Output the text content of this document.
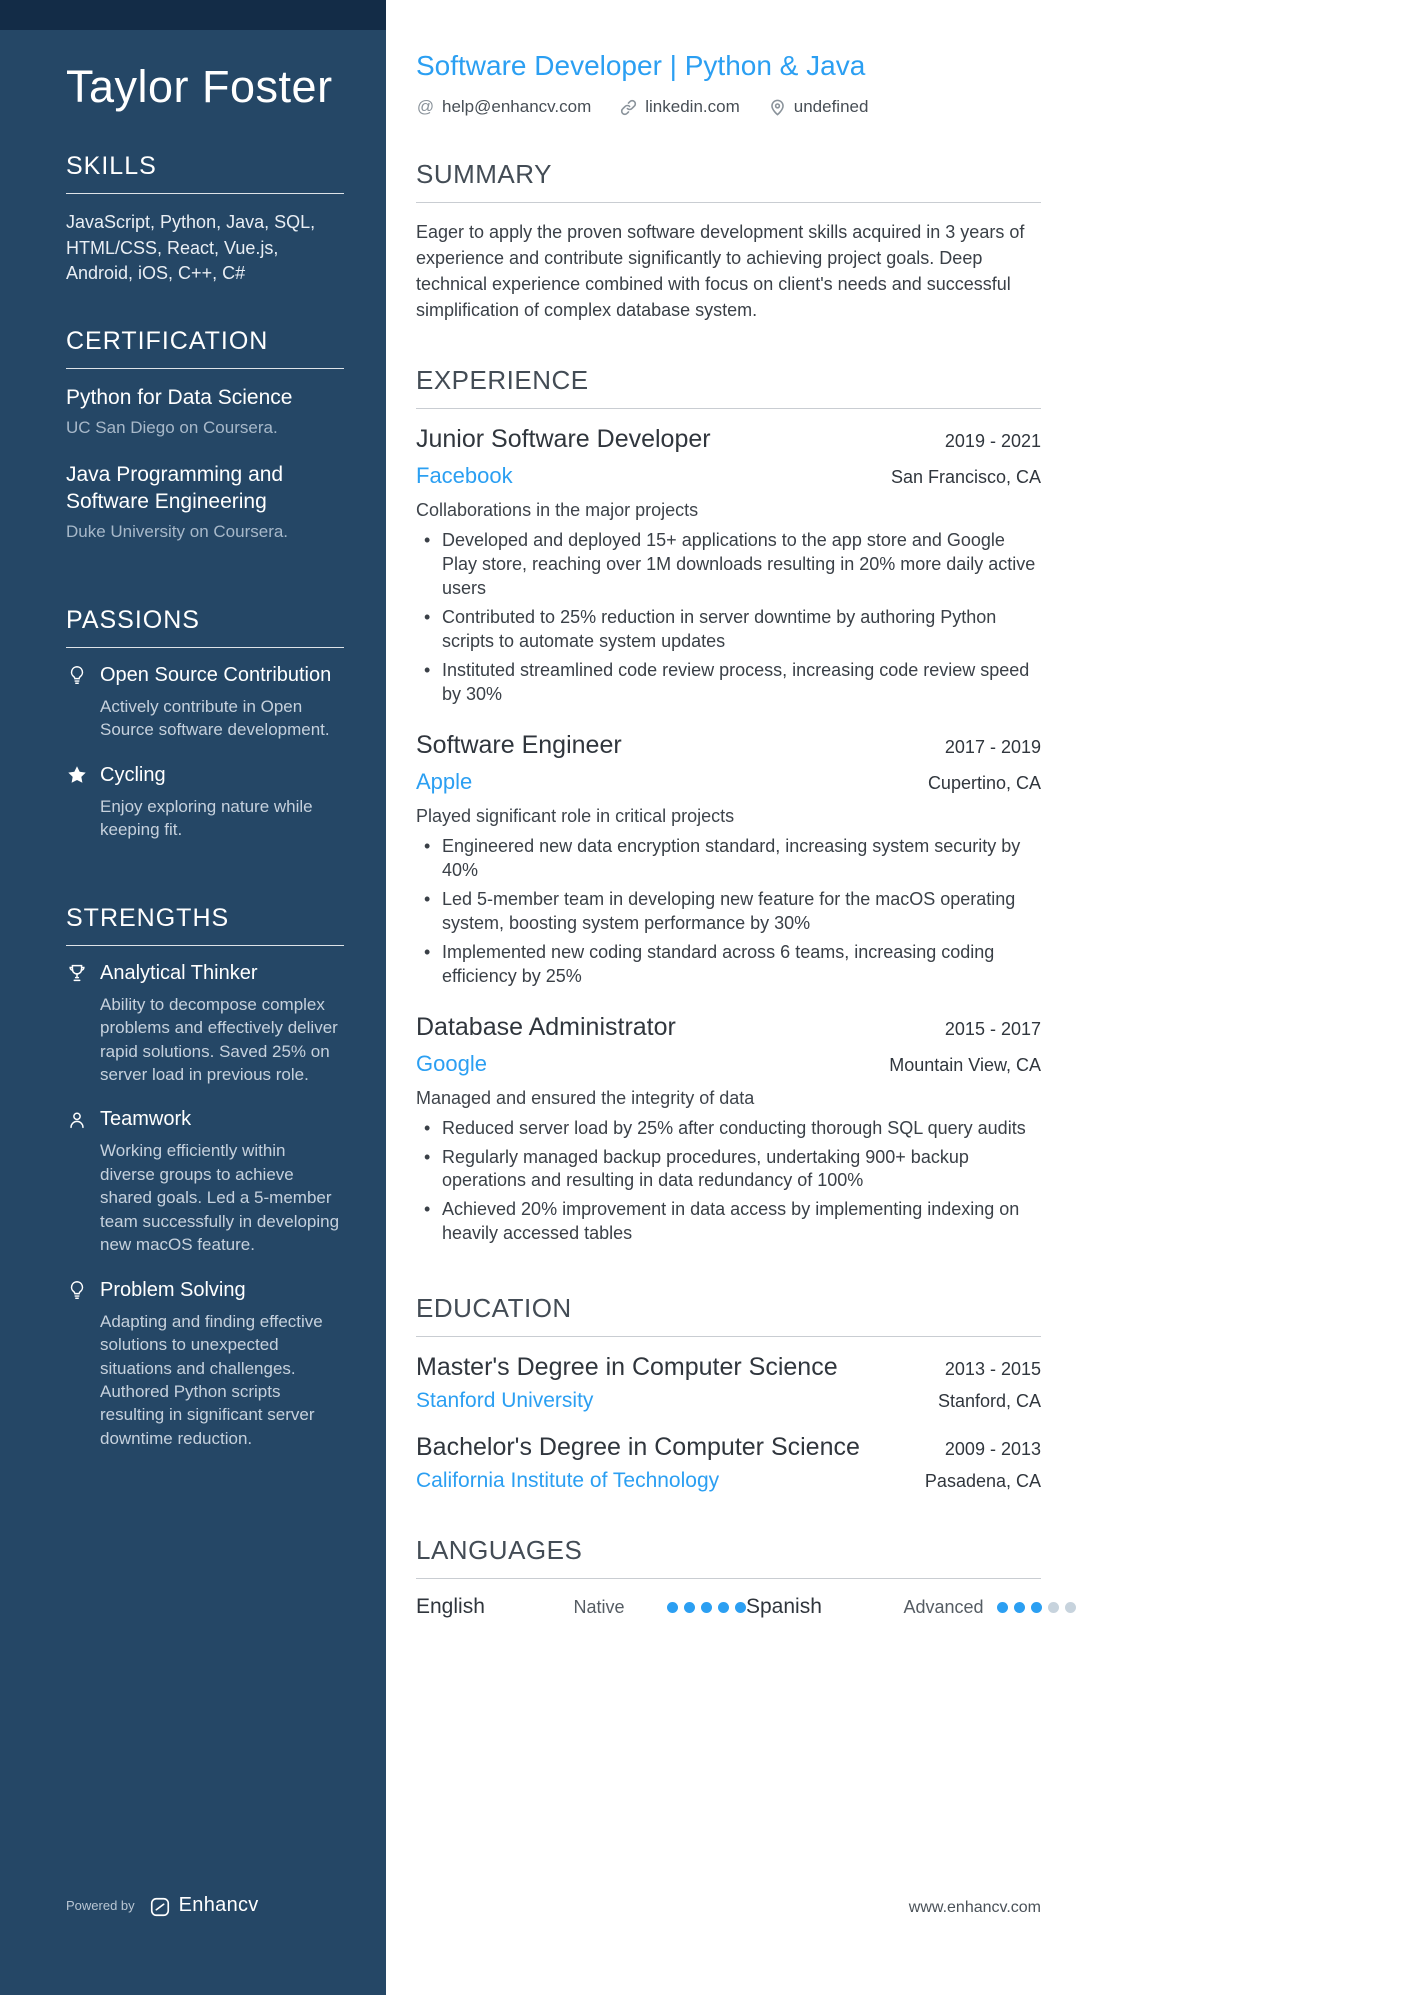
Taylor Foster
SKILLS

JavaScript, Python, Java, SQL, HTML/CSS, React, Vue.js, Android, iOS, C++, C#

CERTIFICATION
Python for Data Science
UC San Diego on Coursera.
Java Programming and Software Engineering
Duke University on Coursera.
PASSIONS
Open Source Contribution
Actively contribute in Open Source software development.
Cycling
Enjoy exploring nature while keeping fit.
STRENGTHS
Analytical Thinker
Ability to decompose complex problems and effectively deliver rapid solutions. Saved 25% on server load in previous role.
Teamwork
Working efficiently within diverse groups to achieve shared goals. Led a 5-member team successfully in developing new macOS feature.
Problem Solving
Adapting and finding effective solutions to unexpected situations and challenges. Authored Python scripts resulting in significant server downtime reduction.
Powered by Enhancv
Software Developer | Python & Java
@ help@enhancv.com	linkedin.com	undefined
SUMMARY

Eager to apply the proven software development skills acquired in 3 years of experience and contribute significantly to achieving project goals. Deep technical experience combined with focus on client's needs and successful simplification of complex database system.

EXPERIENCE
Junior Software Developer	2019 - 2021
Facebook	San Francisco, CA
Collaborations in the major projects
• Developed and deployed 15+ applications to the app store and Google Play store, reaching over 1M downloads resulting in 20% more daily active users
• Contributed to 25% reduction in server downtime by authoring Python scripts to automate system updates
• Instituted streamlined code review process, increasing code review speed by 30%
Software Engineer	2017 - 2019
Apple	Cupertino, CA
Played significant role in critical projects
• Engineered new data encryption standard, increasing system security by 40%
• Led 5-member team in developing new feature for the macOS operating system, boosting system performance by 30%
• Implemented new coding standard across 6 teams, increasing coding efficiency by 25%
Database Administrator	2015 - 2017
Google	Mountain View, CA
Managed and ensured the integrity of data
• Reduced server load by 25% after conducting thorough SQL query audits
• Regularly managed backup procedures, undertaking 900+ backup operations and resulting in data redundancy of 100%
• Achieved 20% improvement in data access by implementing indexing on heavily accessed tables
EDUCATION
Master's Degree in Computer Science	2013 - 2015
Stanford University	Stanford, CA
Bachelor's Degree in Computer Science	2009 - 2013
California Institute of Technology	Pasadena, CA
LANGUAGES
English	Native	Spanish	Advanced
www.enhancv.com
